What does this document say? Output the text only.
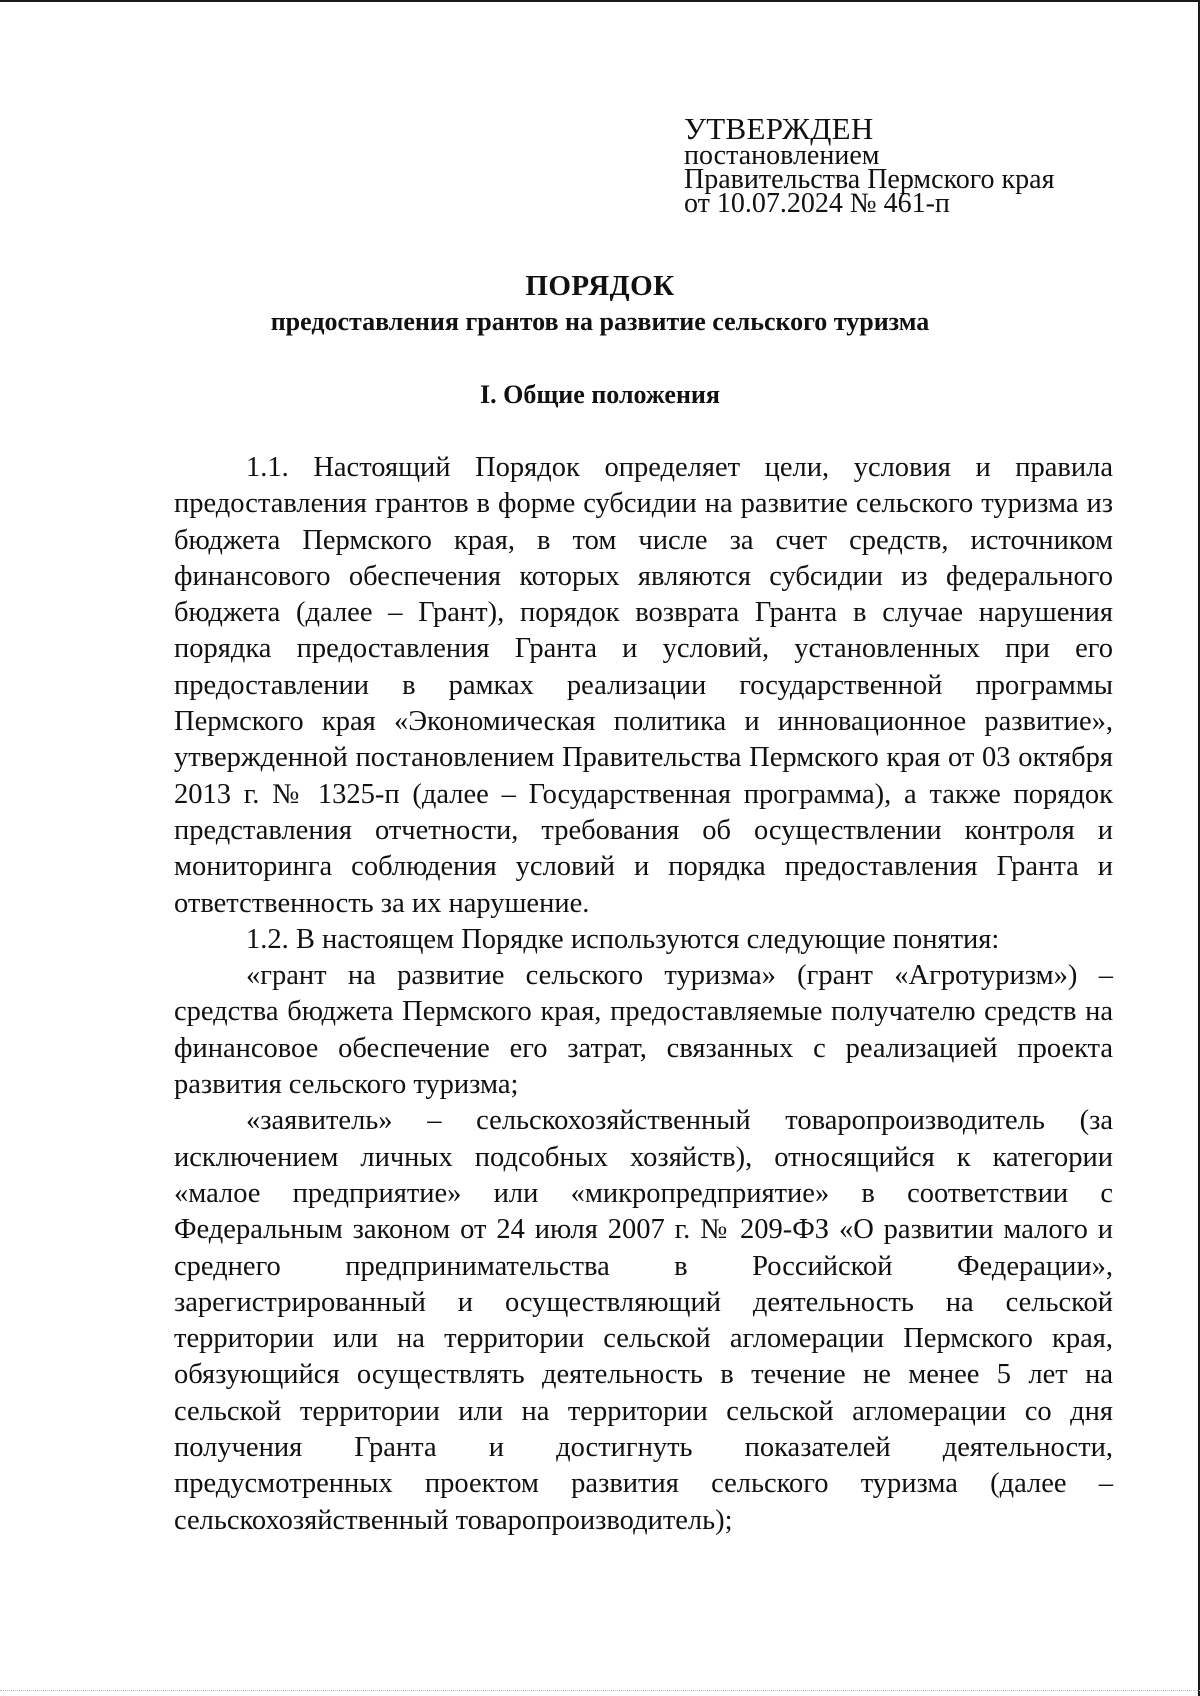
УТВЕРЖДЕН
постановлением
Правительства Пермского края
от 10.07.2024 № 461-п
ПОРЯДОК
предоставления грантов на развитие сельского туризма
I. Общие положения

1.1. Настоящий Порядок определяет цели, условия и правила предоставления грантов в форме субсидии на развитие сельского туризма из бюджета Пермского края, в том числе за счет средств, источником финансового обеспечения которых являются субсидии из федерального бюджета (далее – Грант), порядок возврата Гранта в случае нарушения порядка предоставления Гранта и условий, установленных при его предоставлении в рамках реализации государственной программы Пермского края «Экономическая политика и инновационное развитие», утвержденной постановлением Правительства Пермского края от 03 октября 2013 г. № 1325-п (далее – Государственная программа), а также порядок представления отчетности, требования об осуществлении контроля и мониторинга соблюдения условий и порядка предоставления Гранта и ответственность за их нарушение.

1.2. В настоящем Порядке используются следующие понятия:

«грант на развитие сельского туризма» (грант «Агротуризм») – средства бюджета Пермского края, предоставляемые получателю средств на финансовое обеспечение его затрат, связанных с реализацией проекта развития сельского туризма;

«заявитель» – сельскохозяйственный товаропроизводитель (за исключением личных подсобных хозяйств), относящийся к категории «малое предприятие» или «микропредприятие» в соответствии с Федеральным законом от 24 июля 2007 г. № 209-ФЗ «О развитии малого и среднего предпринимательства в Российской Федерации», зарегистрированный и осуществляющий деятельность на сельской территории или на территории сельской агломерации Пермского края, обязующийся осуществлять деятельность в течение не менее 5 лет на сельской территории или на территории сельской агломерации со дня получения Гранта и достигнуть показателей деятельности, предусмотренных проектом развития сельского туризма (далее – сельскохозяйственный товаропроизводитель);
